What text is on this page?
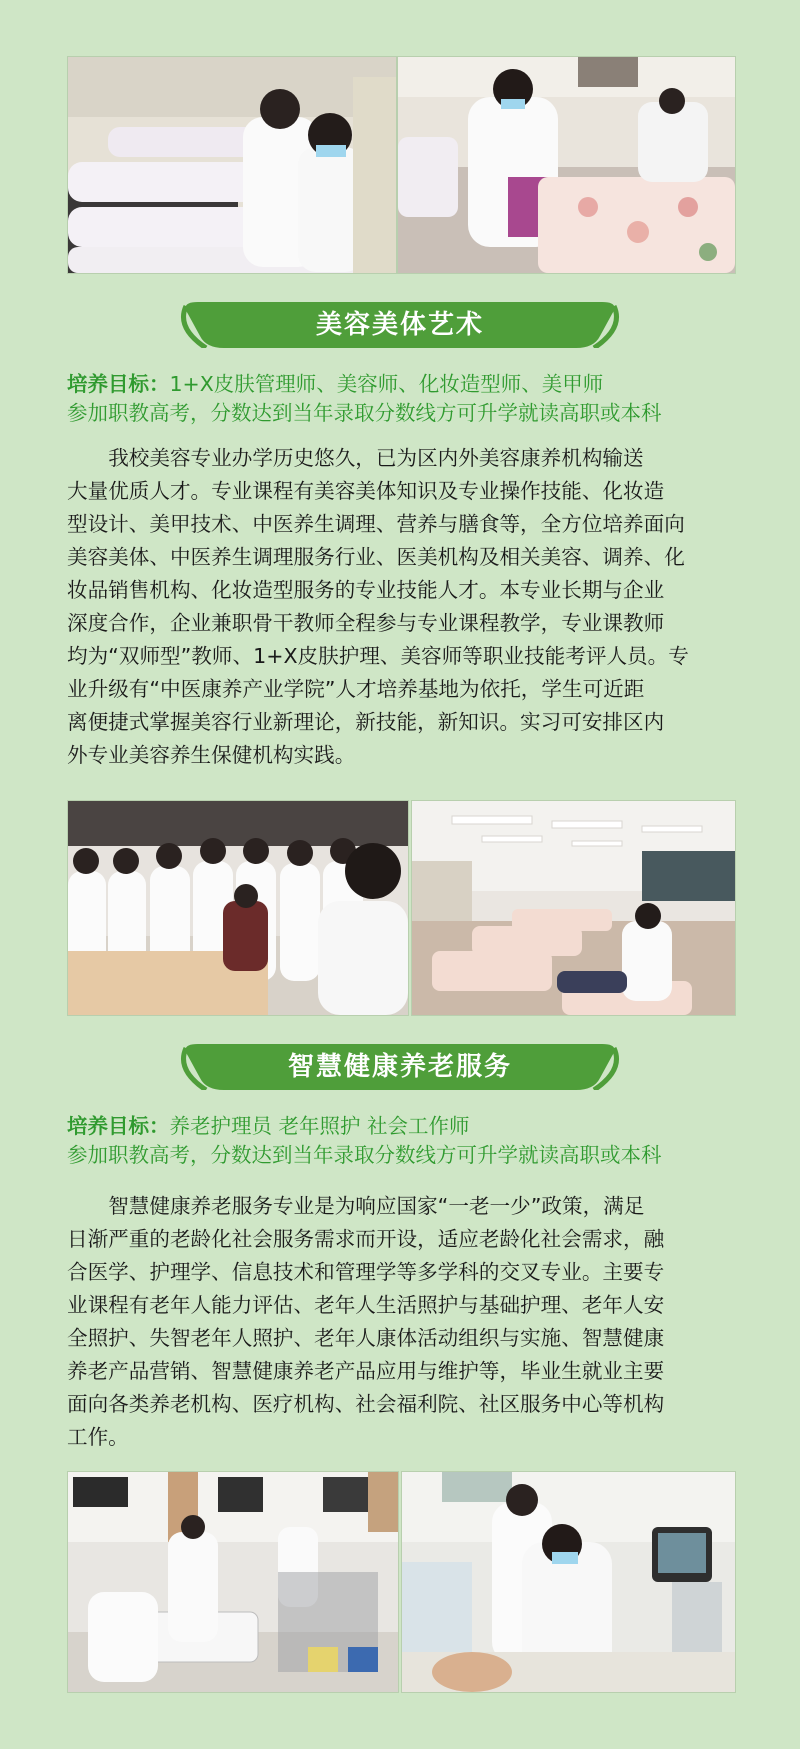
美容美体艺术
培养目标：1+X皮肤管理师、美容师、化妆造型师、美甲师
参加职教高考，分数达到当年录取分数线方可升学就读高职或本科
我校美容专业办学历史悠久，已为区内外美容康养机构输送
大量优质人才。专业课程有美容美体知识及专业操作技能、化妆造
型设计、美甲技术、中医养生调理、营养与膳食等，全方位培养面向
美容美体、中医养生调理服务行业、医美机构及相关美容、调养、化
妆品销售机构、化妆造型服务的专业技能人才。本专业长期与企业
深度合作，企业兼职骨干教师全程参与专业课程教学，专业课教师
均为“双师型”教师、1+X皮肤护理、美容师等职业技能考评人员。专
业升级有“中医康养产业学院”人才培养基地为依托，学生可近距
离便捷式掌握美容行业新理论，新技能，新知识。实习可安排区内
外专业美容养生保健机构实践。
智慧健康养老服务
培养目标：养老护理员 老年照护 社会工作师
参加职教高考，分数达到当年录取分数线方可升学就读高职或本科
智慧健康养老服务专业是为响应国家“一老一少”政策，满足
日渐严重的老龄化社会服务需求而开设，适应老龄化社会需求，融
合医学、护理学、信息技术和管理学等多学科的交叉专业。主要专
业课程有老年人能力评估、老年人生活照护与基础护理、老年人安
全照护、失智老年人照护、老年人康体活动组织与实施、智慧健康
养老产品营销、智慧健康养老产品应用与维护等，毕业生就业主要
面向各类养老机构、医疗机构、社会福利院、社区服务中心等机构
工作。
